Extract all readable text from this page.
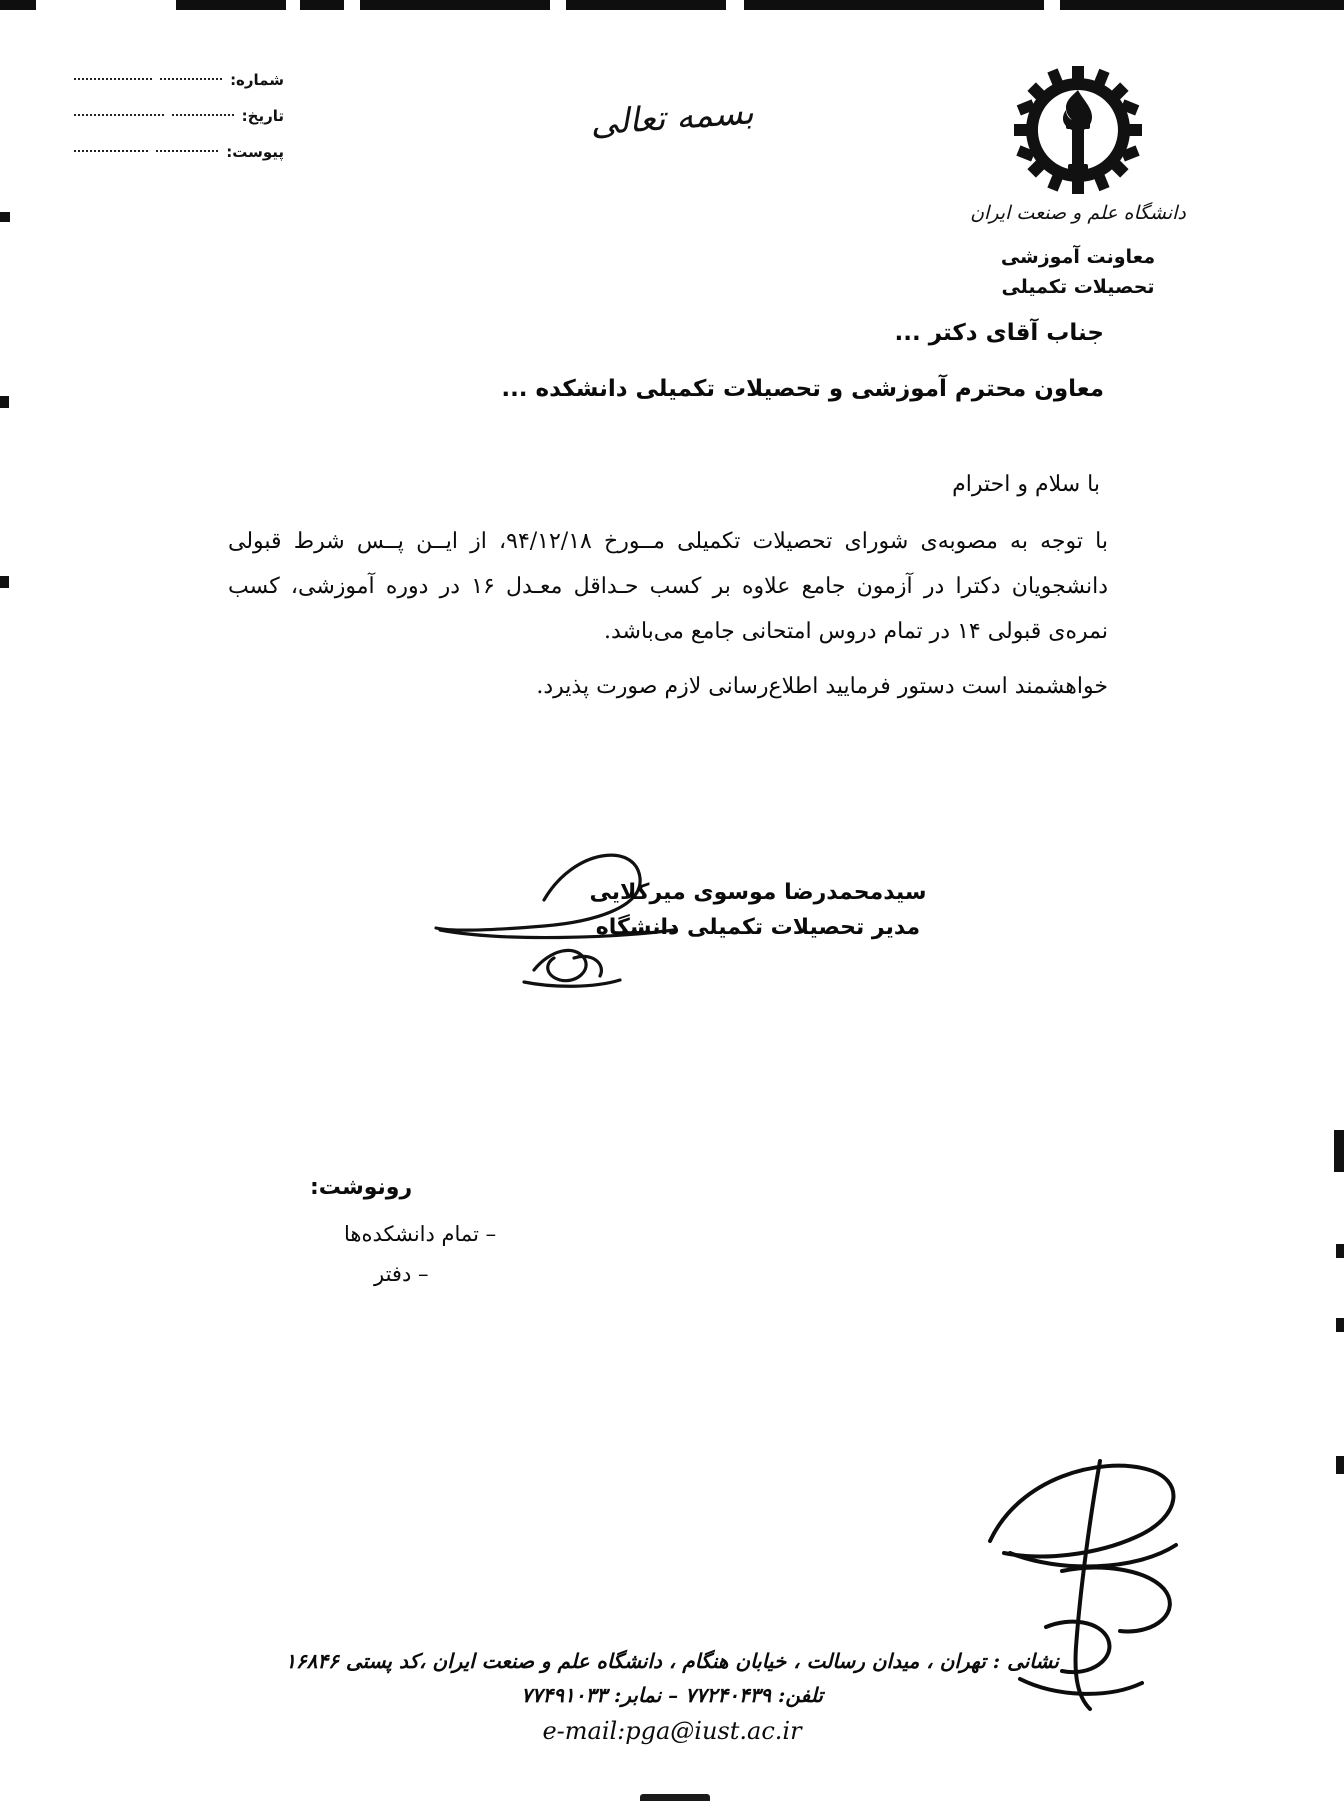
شماره:
تاریخ:
پیوست:
بسمه تعالی
دانشگاه علم و صنعت ایران
معاونت آموزشی
تحصیلات تکمیلی
جناب آقای دکتر ...
معاون محترم آموزشی و تحصیلات تکمیلی دانشکده ...
با سلام و احترام
با توجه به مصوبه‌ی شورای تحصیلات تکمیلی مــورخ ۹۴/۱۲/۱۸، از ایــن پــس شرط قبولی دانشجویان دکترا در آزمون جامع علاوه بر کسب حـداقل معـدل ۱۶ در دوره آموزشی، کسب نمره‌ی قبولی ۱۴ در تمام دروس امتحانی جامع می‌باشد.
خواهشمند است دستور فرمایید اطلاع‌رسانی لازم صورت پذیرد.
سیدمحمدرضا موسوی میرکلایی
مدیر تحصیلات تکمیلی دانشگاه
رونوشت:
– تمام دانشکده‌ها
– دفتر
نشانی : تهران ، میدان رسالت ، خیابان هنگام ، دانشگاه علم و صنعت ایران ،کد پستی ۱۶۸۴۶
تلفن: ۷۷۲۴۰۴۳۹ – نمابر: ۷۷۴۹۱۰۳۳
e-mail:pga@iust.ac.ir
